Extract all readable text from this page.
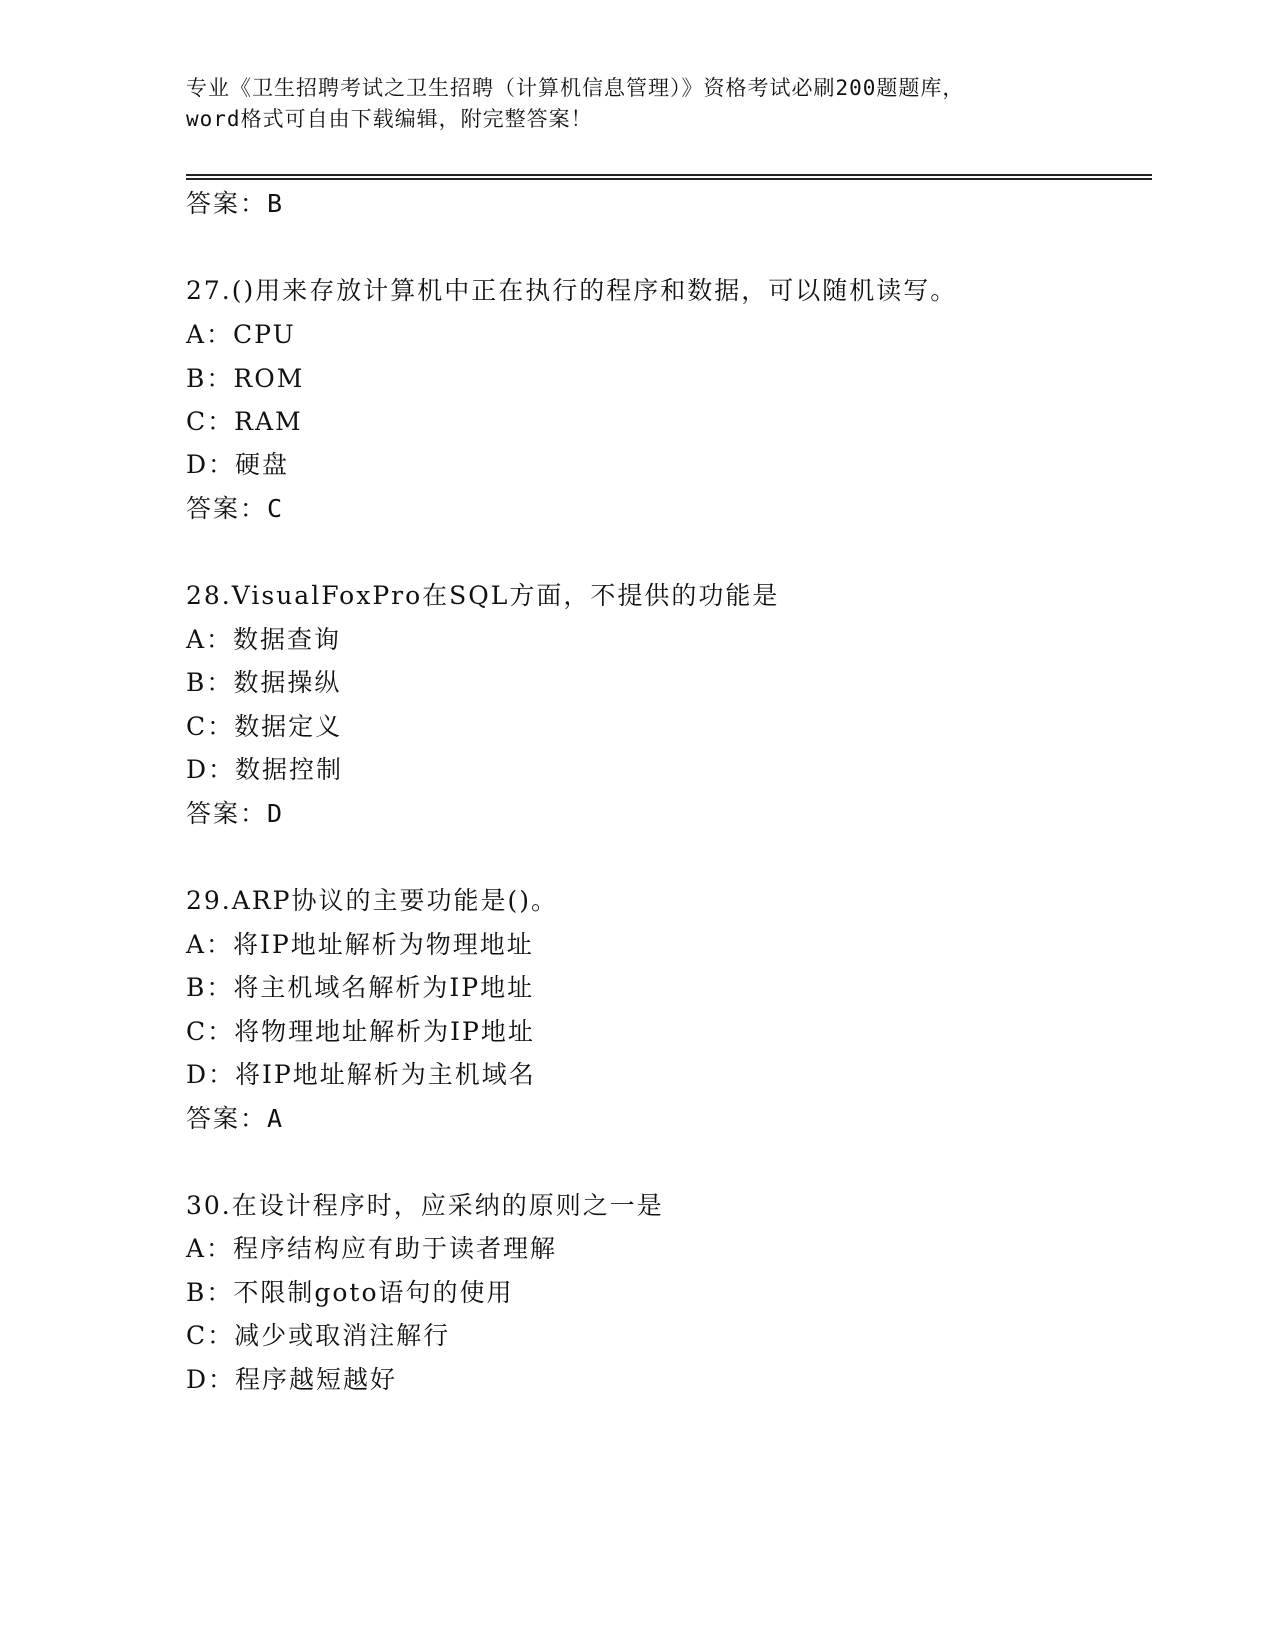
专业《卫生招聘考试之卫生招聘（计算机信息管理）》资格考试必刷200题题库，
word格式可自由下载编辑，附完整答案！
答案：B
27.()用来存放计算机中正在执行的程序和数据，可以随机读写。
A：CPU
B：ROM
C：RAM
D：硬盘
答案：C
28.VisualFoxPro在SQL方面，不提供的功能是
A：数据查询
B：数据操纵
C：数据定义
D：数据控制
答案：D
29.ARP协议的主要功能是()。
A：将IP地址解析为物理地址
B：将主机域名解析为IP地址
C：将物理地址解析为IP地址
D：将IP地址解析为主机域名
答案：A
30.在设计程序时，应采纳的原则之一是
A：程序结构应有助于读者理解
B：不限制goto语句的使用
C：减少或取消注解行
D：程序越短越好
